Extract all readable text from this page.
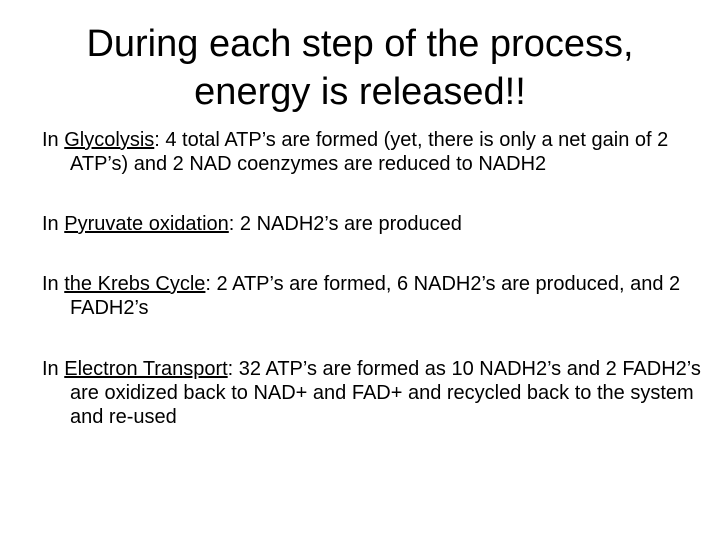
During each step of the process,
energy is released!!
In Glycolysis: 4 total ATP’s are formed (yet, there is only a net gain of 2 ATP’s) and 2 NAD coenzymes are reduced to NADH2
In Pyruvate oxidation: 2 NADH2’s are produced
In the Krebs Cycle: 2 ATP’s are formed, 6 NADH2’s are produced, and 2 FADH2’s
In Electron Transport: 32 ATP’s are formed as 10 NADH2’s and 2 FADH2’s are oxidized back to NAD+ and FAD+ and recycled back to the system and re-used
